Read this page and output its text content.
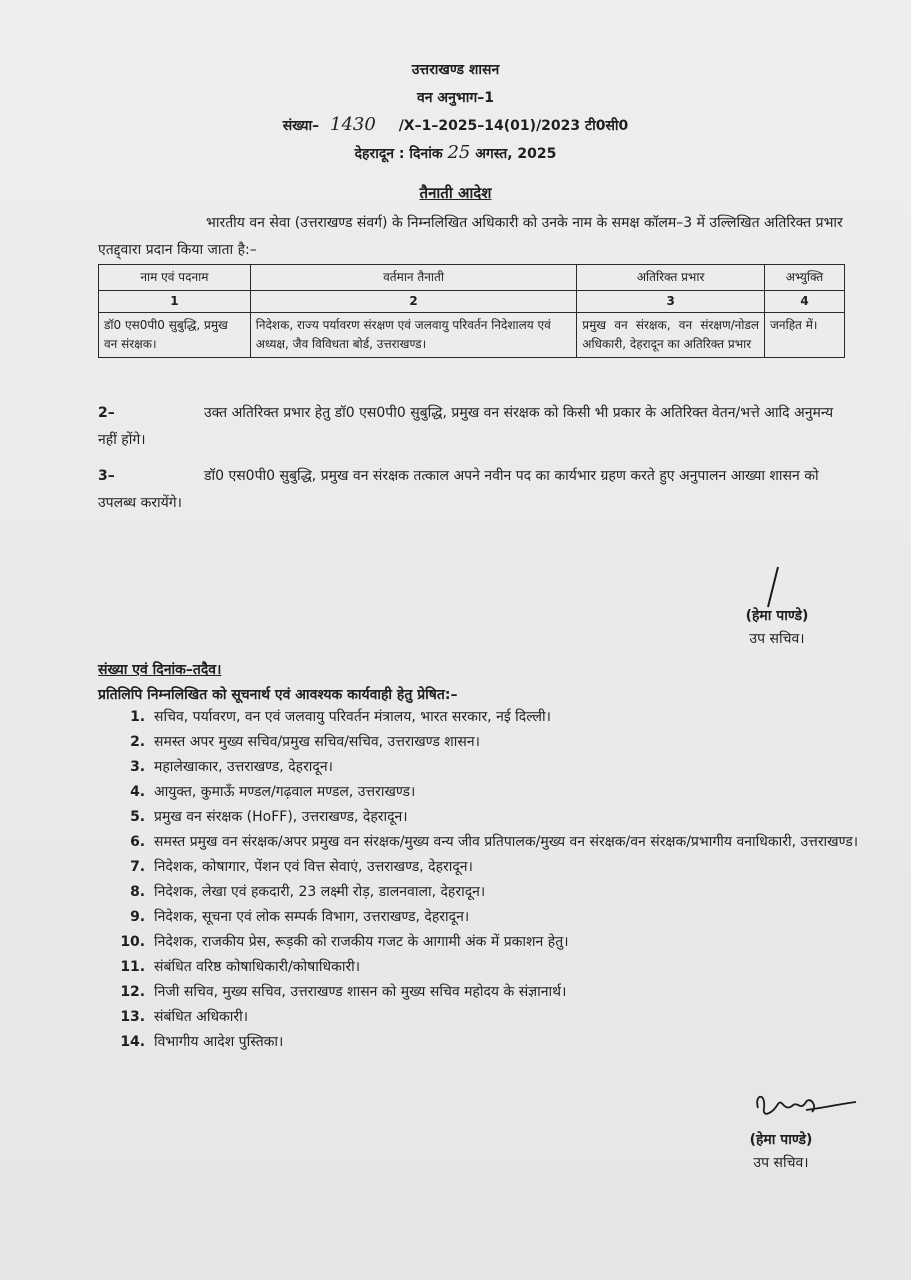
उत्तराखण्ड शासन
वन अनुभाग–1
संख्या– 1430 /X–1–2025–14(01)/2023 टी0सी0
देहरादून : दिनांक 25 अगस्त, 2025
तैनाती आदेश

भारतीय वन सेवा (उत्तराखण्ड संवर्ग) के निम्नलिखित अधिकारी को उनके नाम के समक्ष कॉलम–3 में उल्लिखित अतिरिक्त प्रभार एतद्द्वारा प्रदान किया जाता है:–

नाम एवं पदनाम	वर्तमान तैनाती	अतिरिक्त प्रभार	अभ्युक्ति
1	2	3	4
डॉ0 एस0पी0 सुबुद्धि, प्रमुख वन संरक्षक।	निदेशक, राज्य पर्यावरण संरक्षण एवं जलवायु परिवर्तन निदेशालय एवं अध्यक्ष, जैव विविधता बोर्ड, उत्तराखण्ड।	प्रमुख वन संरक्षक, वन संरक्षण/नोडल अधिकारी, देहरादून का अतिरिक्त प्रभार	जनहित में।

2–	उक्त अतिरिक्त प्रभार हेतु डॉ0 एस0पी0 सुबुद्धि, प्रमुख वन संरक्षक को किसी भी प्रकार के अतिरिक्त वेतन/भत्ते आदि अनुमन्य नहीं होंगे।

3–	डॉ0 एस0पी0 सुबुद्धि, प्रमुख वन संरक्षक तत्काल अपने नवीन पद का कार्यभार ग्रहण करते हुए अनुपालन आख्या शासन को उपलब्ध करायेंगे।

(हेमा पाण्डे)
उप सचिव।
संख्या एवं दिनांक–तदैव।
प्रतिलिपि निम्नलिखित को सूचनार्थ एवं आवश्यक कार्यवाही हेतु प्रेषित:–
1. सचिव, पर्यावरण, वन एवं जलवायु परिवर्तन मंत्रालय, भारत सरकार, नई दिल्ली।
2. समस्त अपर मुख्य सचिव/प्रमुख सचिव/सचिव, उत्तराखण्ड शासन।
3. महालेखाकार, उत्तराखण्ड, देहरादून।
4. आयुक्त, कुमाऊँ मण्डल/गढ़वाल मण्डल, उत्तराखण्ड।
5. प्रमुख वन संरक्षक (HoFF), उत्तराखण्ड, देहरादून।
6. समस्त प्रमुख वन संरक्षक/अपर प्रमुख वन संरक्षक/मुख्य वन्य जीव प्रतिपालक/मुख्य वन संरक्षक/वन संरक्षक/प्रभागीय वनाधिकारी, उत्तराखण्ड।
7. निदेशक, कोषागार, पेंशन एवं वित्त सेवाएं, उत्तराखण्ड, देहरादून।
8. निदेशक, लेखा एवं हकदारी, 23 लक्ष्मी रोड़, डालनवाला, देहरादून।
9. निदेशक, सूचना एवं लोक सम्पर्क विभाग, उत्तराखण्ड, देहरादून।
10. निदेशक, राजकीय प्रेस, रूड़की को राजकीय गजट के आगामी अंक में प्रकाशन हेतु।
11. संबंधित वरिष्ठ कोषाधिकारी/कोषाधिकारी।
12. निजी सचिव, मुख्य सचिव, उत्तराखण्ड शासन को मुख्य सचिव महोदय के संज्ञानार्थ।
13. संबंधित अधिकारी।
14. विभागीय आदेश पुस्तिका।
(हेमा पाण्डे)
उप सचिव।
